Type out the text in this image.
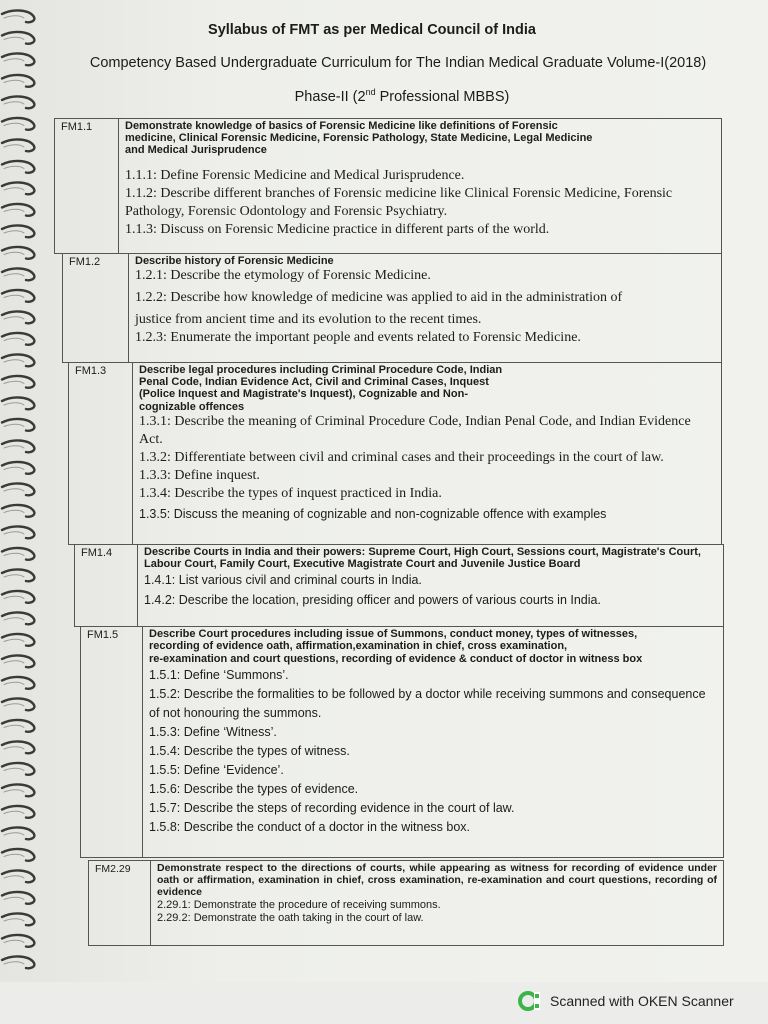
Syllabus of FMT as per Medical Council of India
Competency Based Undergraduate Curriculum for The Indian Medical Graduate Volume-I(2018)
Phase-II (2nd Professional MBBS)
FM1.1	Demonstrate knowledge of basics of Forensic Medicine like definitions of Forensic medicine, Clinical Forensic Medicine, Forensic Pathology, State Medicine, Legal Medicine and Medical Jurisprudence
1.1.1: Define Forensic Medicine and Medical Jurisprudence.
1.1.2: Describe different branches of Forensic medicine like Clinical Forensic Medicine, Forensic Pathology, Forensic Odontology and Forensic Psychiatry.
1.1.3: Discuss on Forensic Medicine practice in different parts of the world.
FM1.2	Describe history of Forensic Medicine
1.2.1: Describe the etymology of Forensic Medicine.
1.2.2: Describe how knowledge of medicine was applied to aid in the administration of
justice from ancient time and its evolution to the recent times.
1.2.3: Enumerate the important people and events related to Forensic Medicine.
FM1.3	Describe legal procedures including Criminal Procedure Code, Indian Penal Code, Indian Evidence Act, Civil and Criminal Cases, Inquest (Police Inquest and Magistrate's Inquest), Cognizable and Non-cognizable offences
1.3.1: Describe the meaning of Criminal Procedure Code, Indian Penal Code, and Indian Evidence Act.
1.3.2: Differentiate between civil and criminal cases and their proceedings in the court of law.
1.3.3: Define inquest.
1.3.4: Describe the types of inquest practiced in India.
1.3.5: Discuss the meaning of cognizable and non-cognizable offence with examples
FM1.4	Describe Courts in India and their powers: Supreme Court, High Court, Sessions court, Magistrate's Court, Labour Court, Family Court, Executive Magistrate Court and Juvenile Justice Board
1.4.1: List various civil and criminal courts in India.
1.4.2: Describe the location, presiding officer and powers of various courts in India.
FM1.5	Describe Court procedures including issue of Summons, conduct money, types of witnesses, recording of evidence oath, affirmation,examination in chief, cross examination,
re-examination and court questions, recording of evidence & conduct of doctor in witness box
1.5.1: Define ‘Summons’.
1.5.2: Describe the formalities to be followed by a doctor while receiving summons and consequence of not honouring the summons.
1.5.3: Define ‘Witness’.
1.5.4: Describe the types of witness.
1.5.5: Define ‘Evidence’.
1.5.6: Describe the types of evidence.
1.5.7: Describe the steps of recording evidence in the court of law.
1.5.8: Describe the conduct of a doctor in the witness box.
FM2.29	Demonstrate respect to the directions of courts, while appearing as witness for recording of evidence under oath or affirmation, examination in chief, cross examination, re-examination and court questions, recording of evidence
2.29.1: Demonstrate the procedure of receiving summons.
2.29.2: Demonstrate the oath taking in the court of law.
Scanned with OKEN Scanner
